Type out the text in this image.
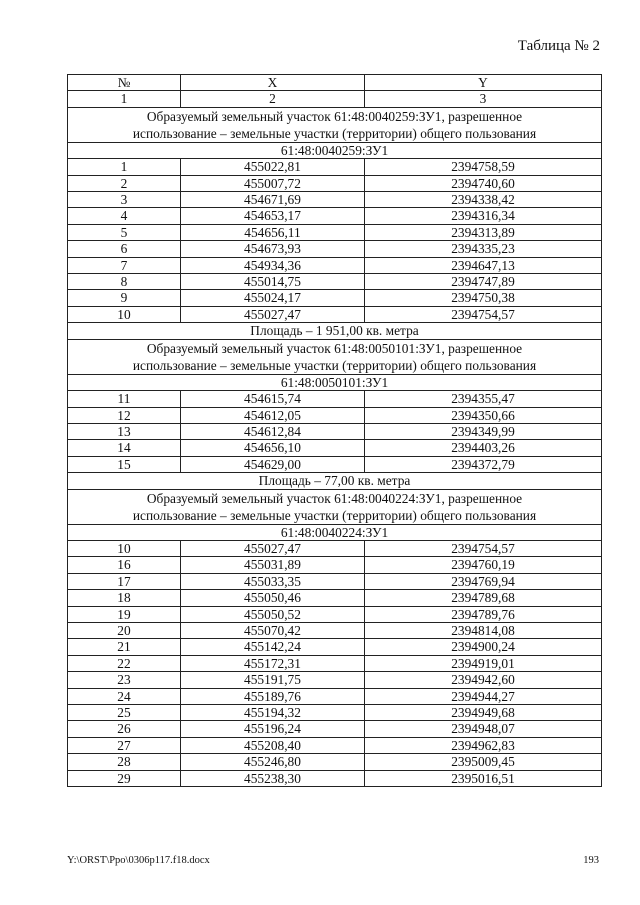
Таблица № 2
№	X	Y
1	2	3

Образуемый земельный участок 61:48:0040259:ЗУ1, разрешенное
использование – земельные участки (территории) общего пользования		

61:48:0040259:ЗУ1		
1	455022,81	2394758,59
2	455007,72	2394740,60
3	454671,69	2394338,42
4	454653,17	2394316,34
5	454656,11	2394313,89
6	454673,93	2394335,23
7	454934,36	2394647,13
8	455014,75	2394747,89
9	455024,17	2394750,38
10	455027,47	2394754,57
Площадь – 1 951,00 кв. метра		

Образуемый земельный участок 61:48:0050101:ЗУ1, разрешенное
использование – земельные участки (территории) общего пользования		

61:48:0050101:ЗУ1		
11	454615,74	2394355,47
12	454612,05	2394350,66
13	454612,84	2394349,99
14	454656,10	2394403,26
15	454629,00	2394372,79
Площадь – 77,00 кв. метра		

Образуемый земельный участок 61:48:0040224:ЗУ1, разрешенное
использование – земельные участки (территории) общего пользования		

61:48:0040224:ЗУ1		
10	455027,47	2394754,57
16	455031,89	2394760,19
17	455033,35	2394769,94
18	455050,46	2394789,68
19	455050,52	2394789,76
20	455070,42	2394814,08
21	455142,24	2394900,24
22	455172,31	2394919,01
23	455191,75	2394942,60
24	455189,76	2394944,27
25	455194,32	2394949,68
26	455196,24	2394948,07
27	455208,40	2394962,83
28	455246,80	2395009,45
29	455238,30	2395016,51
Y:\ORST\Ppo\0306p117.f18.docx	193
